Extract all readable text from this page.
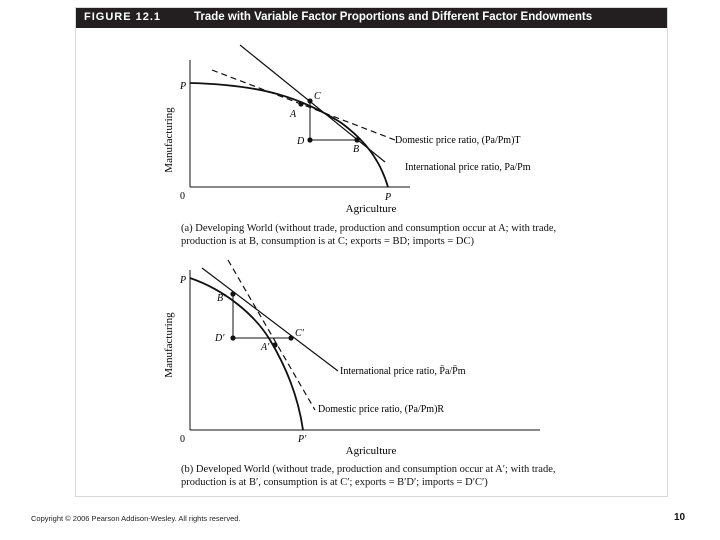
FIGURE 12.1	Trade with Variable Factor Proportions and Different Factor Endowments
Manufacturing
Agriculture
0
P
P
A
C
D
B
Domestic price ratio, (Pa/Pm)T
International price ratio, Pa/Pm
(a) Developing World (without trade, production and consumption occur at A; with trade, production is at B, consumption is at C; exports = BD; imports = DC)
Manufacturing
Agriculture
0
P
P′
B′
D′	C′
A′
International price ratio, P̄a/P̄m
Domestic price ratio, (Pa/Pm)R
(b) Developed World (without trade, production and consumption occur at A′; with trade, production is at B′, consumption is at C′; exports = B′D′; imports = D′C′)
Copyright © 2006 Pearson Addison-Wesley. All rights reserved.	10
